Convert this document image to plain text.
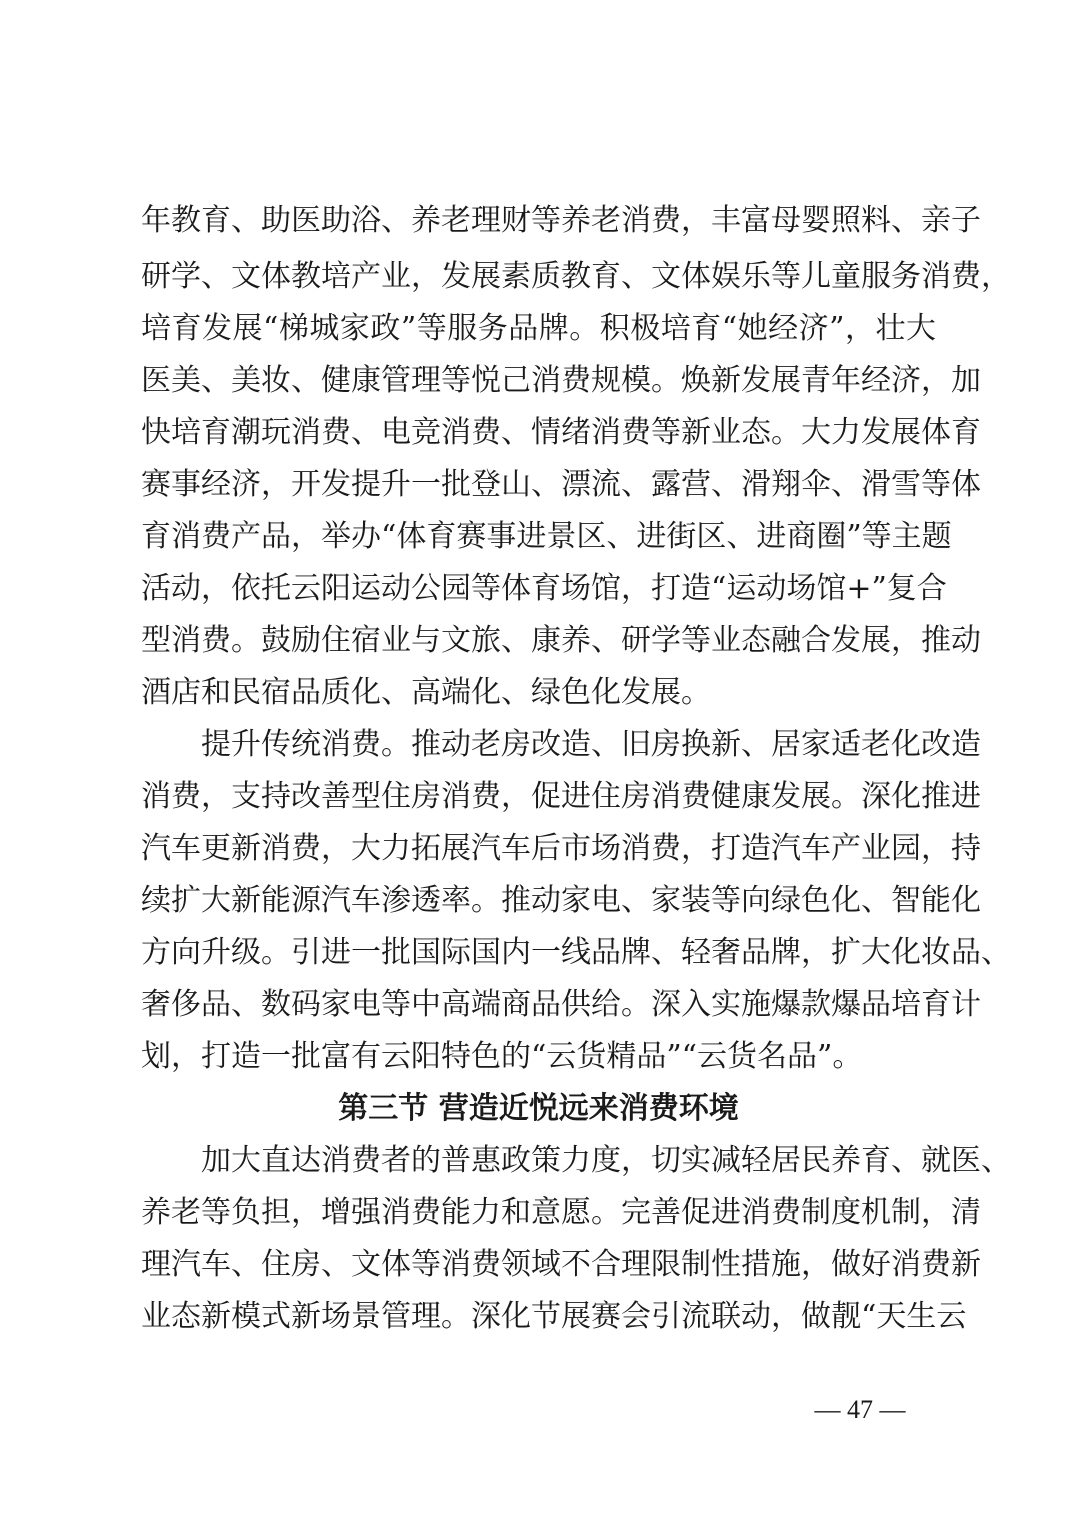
年教育、助医助浴、养老理财等养老消费，丰富母婴照料、亲子
研学、文体教培产业，发展素质教育、文体娱乐等儿童服务消费，
培育发展“梯城家政”等服务品牌。积极培育“她经济”，壮大
医美、美妆、健康管理等悦己消费规模。焕新发展青年经济，加
快培育潮玩消费、电竞消费、情绪消费等新业态。大力发展体育
赛事经济，开发提升一批登山、漂流、露营、滑翔伞、滑雪等体
育消费产品，举办“体育赛事进景区、进街区、进商圈”等主题
活动，依托云阳运动公园等体育场馆，打造“运动场馆+”复合
型消费。鼓励住宿业与文旅、康养、研学等业态融合发展，推动
酒店和民宿品质化、高端化、绿色化发展。
提升传统消费。推动老房改造、旧房换新、居家适老化改造
消费，支持改善型住房消费，促进住房消费健康发展。深化推进
汽车更新消费，大力拓展汽车后市场消费，打造汽车产业园，持
续扩大新能源汽车渗透率。推动家电、家装等向绿色化、智能化
方向升级。引进一批国际国内一线品牌、轻奢品牌，扩大化妆品、
奢侈品、数码家电等中高端商品供给。深入实施爆款爆品培育计
划，打造一批富有云阳特色的“云货精品”“云货名品”。
第三节 营造近悦远来消费环境
加大直达消费者的普惠政策力度，切实减轻居民养育、就医、
养老等负担，增强消费能力和意愿。完善促进消费制度机制，清
理汽车、住房、文体等消费领域不合理限制性措施，做好消费新
业态新模式新场景管理。深化节展赛会引流联动，做靓“天生云
— 47 —
